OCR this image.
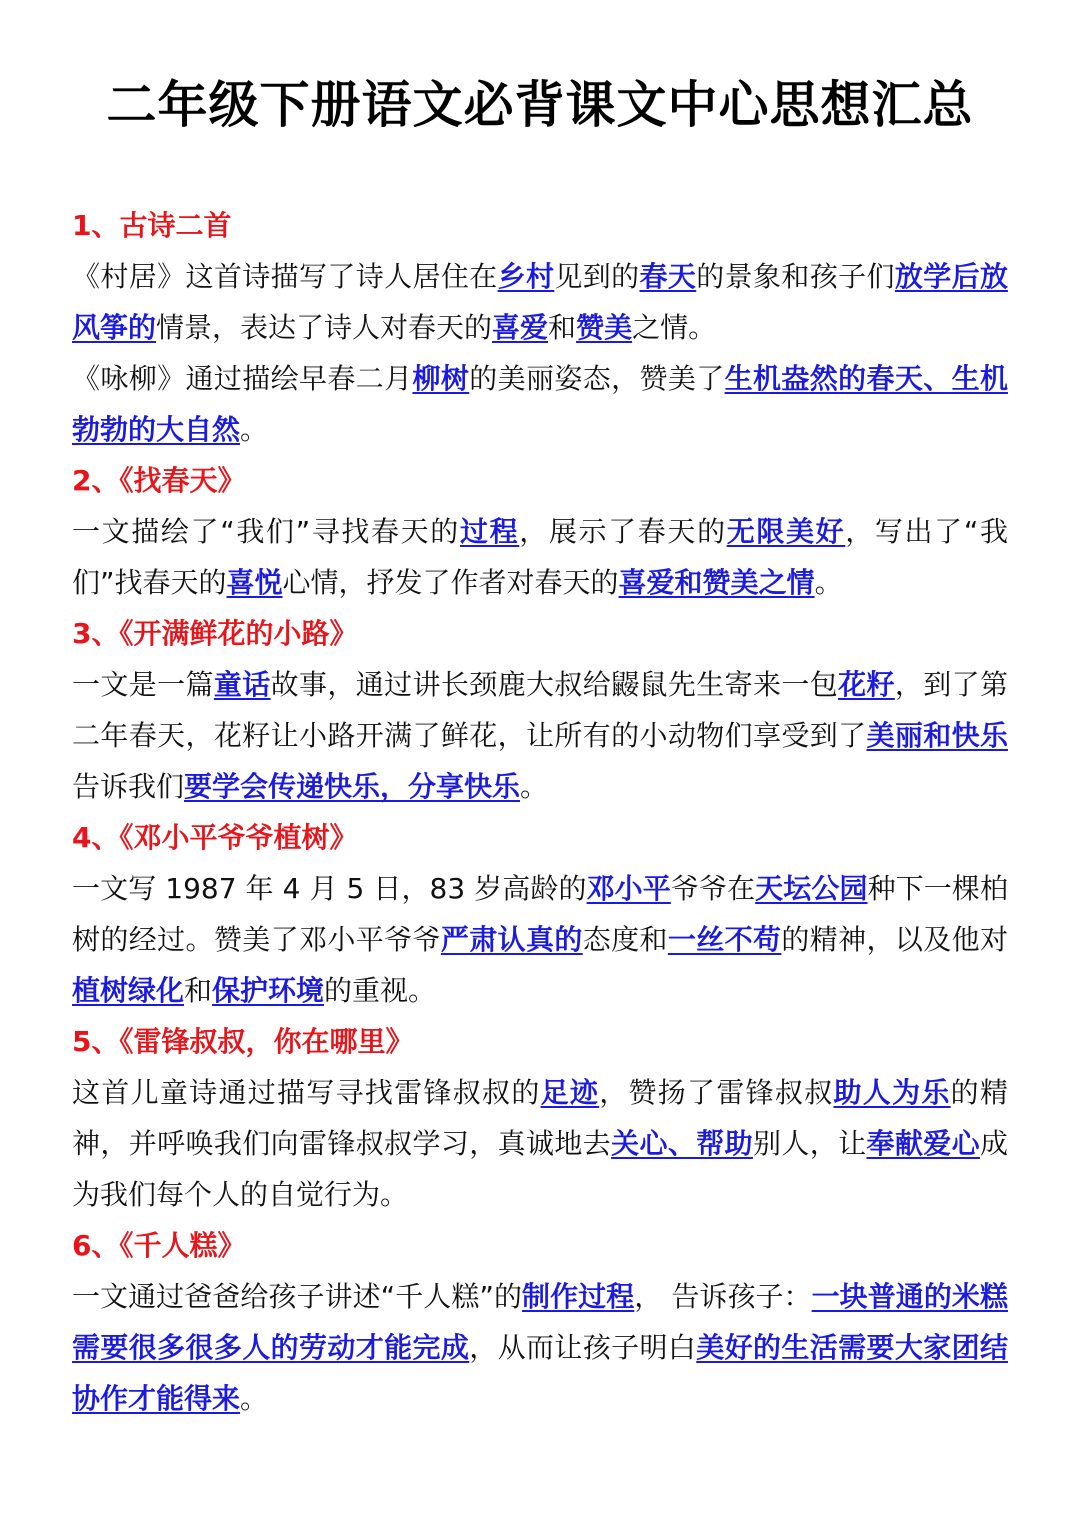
二年级下册语文必背课文中心思想汇总
1、古诗二首

《村居》这首诗描写了诗人居住在乡村见到的春天的景象和孩子们放学后放风筝的情景，表达了诗人对春天的喜爱和赞美之情。

《咏柳》通过描绘早春二月柳树的美丽姿态，赞美了生机盎然的春天、生机勃勃的大自然。

2、《找春天》

一文描绘了“我们”寻找春天的过程，展示了春天的无限美好，写出了“我们”找春天的喜悦心情，抒发了作者对春天的喜爱和赞美之情。

3、《开满鲜花的小路》

一文是一篇童话故事，通过讲长颈鹿大叔给鼹鼠先生寄来一包花籽，到了第二年春天，花籽让小路开满了鲜花，让所有的小动物们享受到了美丽和快乐告诉我们要学会传递快乐，分享快乐。

4、《邓小平爷爷植树》

一文写 1987 年 4 月 5 日，83 岁高龄的邓小平爷爷在天坛公园种下一棵柏树的经过。赞美了邓小平爷爷严肃认真的态度和一丝不苟的精神，以及他对植树绿化和保护环境的重视。

5、《雷锋叔叔，你在哪里》

这首儿童诗通过描写寻找雷锋叔叔的足迹，赞扬了雷锋叔叔助人为乐的精神，并呼唤我们向雷锋叔叔学习，真诚地去关心、帮助别人，让奉献爱心成为我们每个人的自觉行为。

6、《千人糕》

一文通过爸爸给孩子讲述“千人糕”的制作过程， 告诉孩子：一块普通的米糕需要很多很多人的劳动才能完成，从而让孩子明白美好的生活需要大家团结协作才能得来。
